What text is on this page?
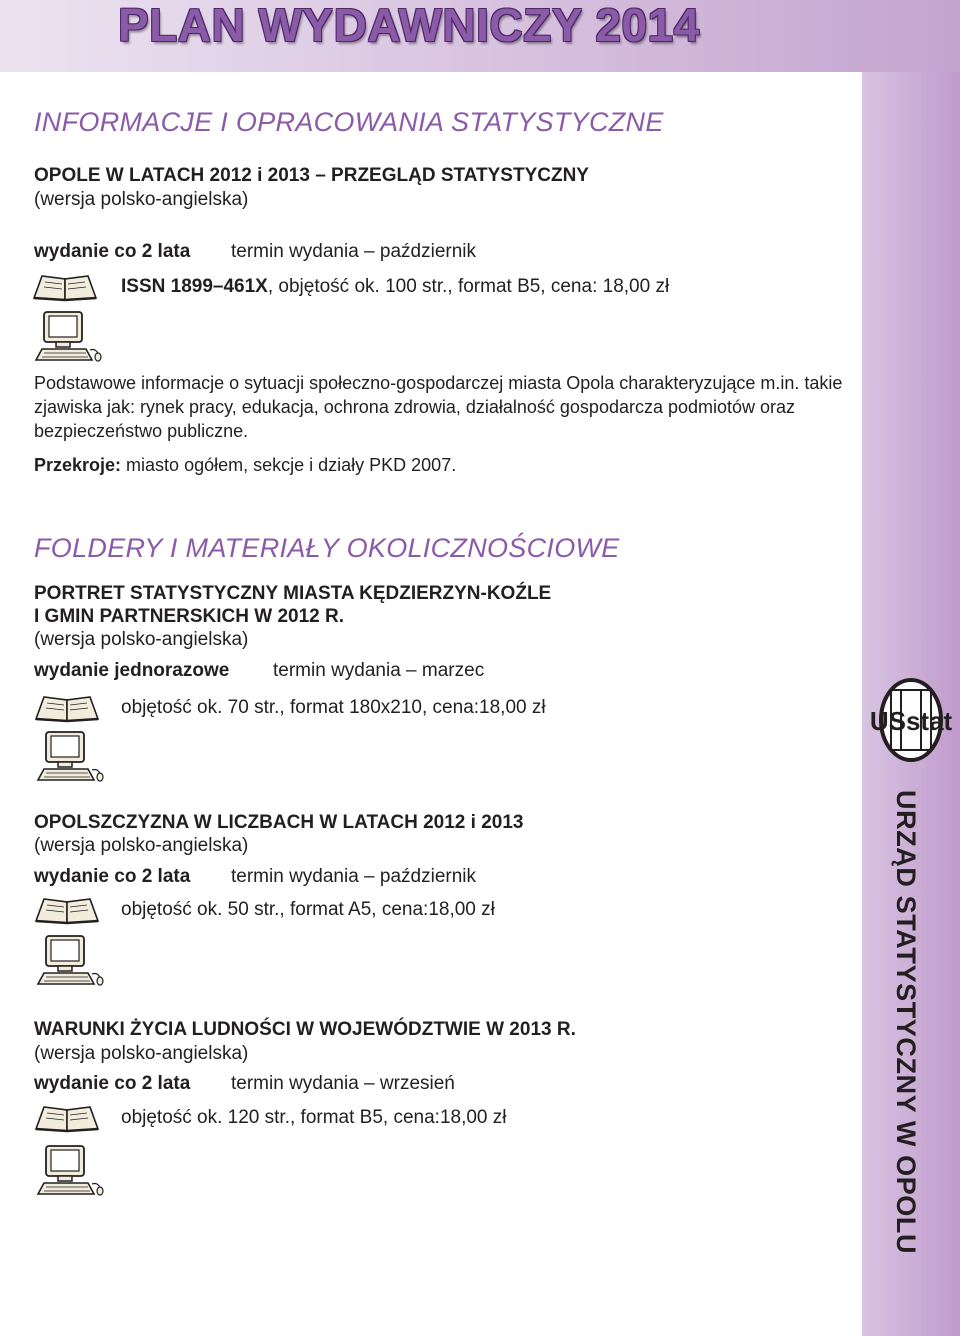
PLAN WYDAWNICZY 2014
USstat
URZĄD STATYSTYCZNY W OPOLU
INFORMACJE I OPRACOWANIA STATYSTYCZNE
OPOLE W LATACH 2012 i 2013 – PRZEGLĄD STATYSTYCZNY
(wersja polsko-angielska)
wydanie co 2 lata termin wydania – październik
ISSN 1899–461X, objętość ok. 100 str., format B5, cena: 18,00 zł
Podstawowe informacje o sytuacji społeczno-gospodarczej miasta Opola charakteryzujące m.in. takie zjawiska jak: rynek pracy, edukacja, ochrona zdrowia, działalność gospodarcza podmiotów oraz bezpieczeństwo publiczne.
Przekroje: miasto ogółem, sekcje i działy PKD 2007.
FOLDERY I MATERIAŁY OKOLICZNOŚCIOWE
PORTRET STATYSTYCZNY MIASTA KĘDZIERZYN-KOŹLE
I GMIN PARTNERSKICH W 2012 R.
(wersja polsko-angielska)
wydanie jednorazowe termin wydania – marzec
objętość ok. 70 str., format 180x210, cena:18,00 zł
OPOLSZCZYZNA W LICZBACH W LATACH 2012 i 2013
(wersja polsko-angielska)
wydanie co 2 lata termin wydania – październik
objętość ok. 50 str., format A5, cena:18,00 zł
WARUNKI ŻYCIA LUDNOŚCI W WOJEWÓDZTWIE W 2013 R.
(wersja polsko-angielska)
wydanie co 2 lata termin wydania – wrzesień
objętość ok. 120 str., format B5, cena:18,00 zł
